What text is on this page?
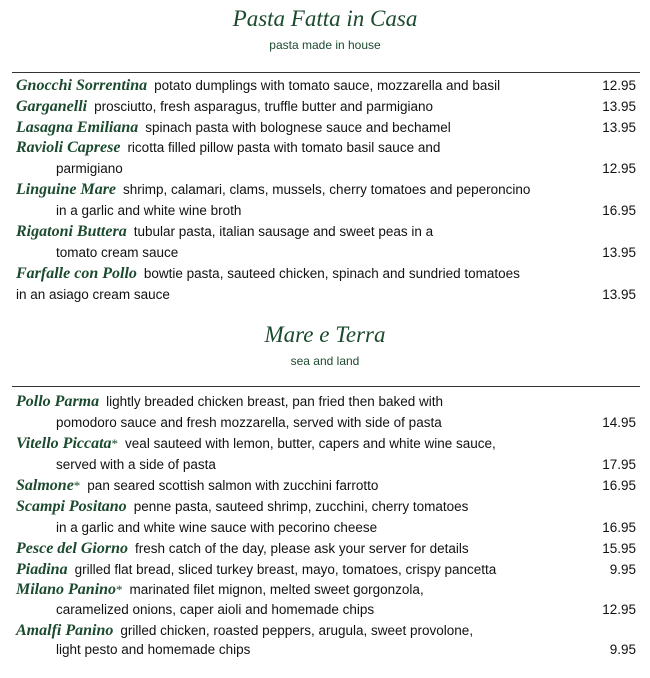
Pasta Fatta in Casa
pasta made in house
Gnocchi Sorrentina potato dumplings with tomato sauce, mozzarella and basil	12.95
Garganelli prosciutto, fresh asparagus, truffle butter and parmigiano	13.95
Lasagna Emiliana spinach pasta with bolognese sauce and bechamel	13.95
Ravioli Caprese ricotta filled pillow pasta with tomato basil sauce and
parmigiano	12.95
Linguine Mare shrimp, calamari, clams, mussels, cherry tomatoes and peperoncino
in a garlic and white wine broth	16.95
Rigatoni Buttera tubular pasta, italian sausage and sweet peas in a
tomato cream sauce	13.95
Farfalle con Pollo bowtie pasta, sauteed chicken, spinach and sundried tomatoes
in an asiago cream sauce	13.95
Mare e Terra
sea and land
Pollo Parma lightly breaded chicken breast, pan fried then baked with
pomodoro sauce and fresh mozzarella, served with side of pasta	14.95
Vitello Piccata* veal sauteed with lemon, butter, capers and white wine sauce,
served with a side of pasta	17.95
Salmone* pan seared scottish salmon with zucchini farrotto	16.95
Scampi Positano penne pasta, sauteed shrimp, zucchini, cherry tomatoes
in a garlic and white wine sauce with pecorino cheese	16.95
Pesce del Giorno fresh catch of the day, please ask your server for details	15.95
Piadina grilled flat bread, sliced turkey breast, mayo, tomatoes, crispy pancetta	9.95
Milano Panino* marinated filet mignon, melted sweet gorgonzola,
caramelized onions, caper aioli and homemade chips	12.95
Amalfi Panino grilled chicken, roasted peppers, arugula, sweet provolone,
light pesto and homemade chips	9.95
